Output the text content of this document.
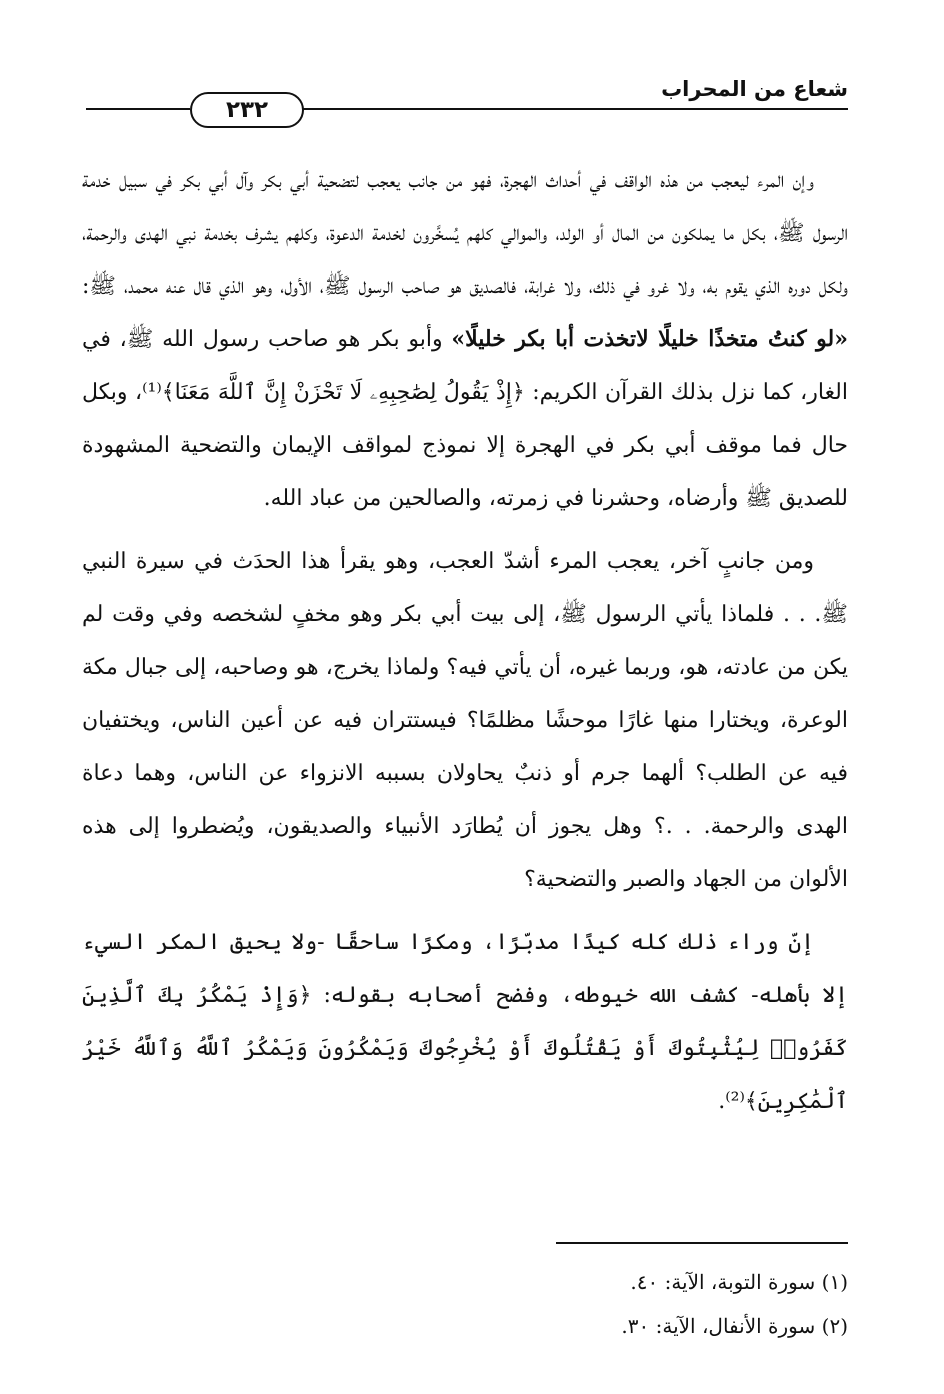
شعاع من المحراب
٢٣٢

وإن المرء ليعجب من هذه الواقف في أحداث الهجرة، فهو من جانب يعجب لتضحية أبي بكر وآل أبي بكر في سبيل خدمة الرسول ﷺ، بكل ما يملكون من المال أو الولد، والموالي كلهم يُسخَّرون لخدمة الدعوة، وكلهم يشرف بخدمة نبي الهدى والرحمة، ولكل دوره الذي يقوم به، ولا غرو في ذلك، ولا غرابة، فالصديق هو صاحب الرسول ﷺ، الأول، وهو الذي قال عنه محمد، ﷺ: «لو كنتُ متخذًا خليلًا لاتخذت أبا بكر خليلًا» وأبو بكر هو صاحب رسول الله ﷺ، في الغار، كما نزل بذلك القرآن الكريم: ﴿إِذْ يَقُولُ لِصَٰحِبِهِۦ لَا تَحْزَنْ إِنَّ ٱللَّهَ مَعَنَا﴾⁽¹⁾، وبكل حال فما موقف أبي بكر في الهجرة إلا نموذج لمواقف الإيمان والتضحية المشهودة للصديق ﷺ وأرضاه، وحشرنا في زمرته، والصالحين من عباد الله.

ومن جانبٍ آخر، يعجب المرء أشدّ العجب، وهو يقرأ هذا الحدَث في سيرة النبي ﷺ. . . فلماذا يأتي الرسول ﷺ، إلى بيت أبي بكر وهو مخفٍ لشخصه وفي وقت لم يكن من عادته، هو، وربما غيره، أن يأتي فيه؟ ولماذا يخرج، هو وصاحبه، إلى جبال مكة الوعرة، ويختارا منها غارًا موحشًا مظلمًا؟ فيستتران فيه عن أعين الناس، ويختفيان فيه عن الطلب؟ ألهما جرم أو ذنبٌ يحاولان بسببه الانزواء عن الناس، وهما دعاة الهدى والرحمة. . .؟ وهل يجوز أن يُطارَد الأنبياء والصديقون، ويُضطروا إلى هذه الألوان من الجهاد والصبر والتضحية؟

إنّ وراء ذلك كله كيدًا مدبّرًا، ومكرًا ساحقًا -ولا يحيق المكر السيء إلا بأهله- كشف الله خيوطه، وفضح أصحابه بقوله: ﴿وَإِذْ يَمْكُرُ بِكَ ٱلَّذِينَ كَفَرُوا۟ لِيُثْبِتُوكَ أَوْ يَقْتُلُوكَ أَوْ يُخْرِجُوكَ وَيَمْكُرُونَ وَيَمْكُرُ ٱللَّهُ وَٱللَّهُ خَيْرُ ٱلْمَٰكِرِينَ﴾⁽²⁾.

(١) سورة التوبة، الآية: ٤٠.

(٢) سورة الأنفال، الآية: ٣٠.
